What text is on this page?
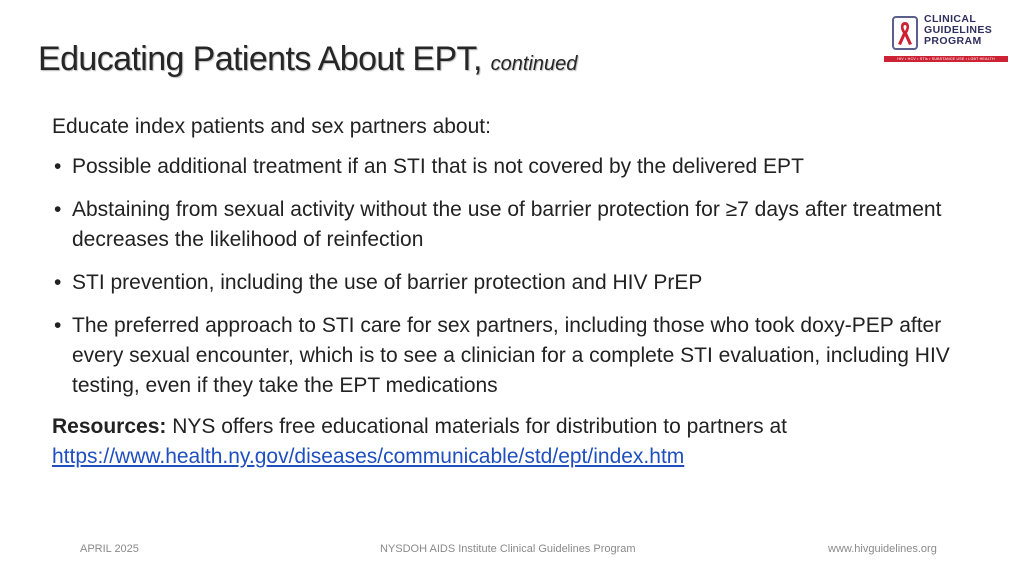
Educating Patients About EPT, continued
CLINICAL
GUIDELINES
PROGRAM
HIV • HCV • STIs • SUBSTANCE USE • LGBT HEALTH

Educate index patients and sex partners about:

• Possible additional treatment if an STI that is not covered by the delivered EPT
• Abstaining from sexual activity without the use of barrier protection for ≥7 days after treatment decreases the likelihood of reinfection
• STI prevention, including the use of barrier protection and HIV PrEP
• The preferred approach to STI care for sex partners, including those who took doxy-PEP after every sexual encounter, which is to see a clinician for a complete STI evaluation, including HIV testing, even if they take the EPT medications

Resources: NYS offers free educational materials for distribution to partners at
https://www.health.ny.gov/diseases/communicable/std/ept/index.htm

APRIL 2025	NYSDOH AIDS Institute Clinical Guidelines Program	www.hivguidelines.org
